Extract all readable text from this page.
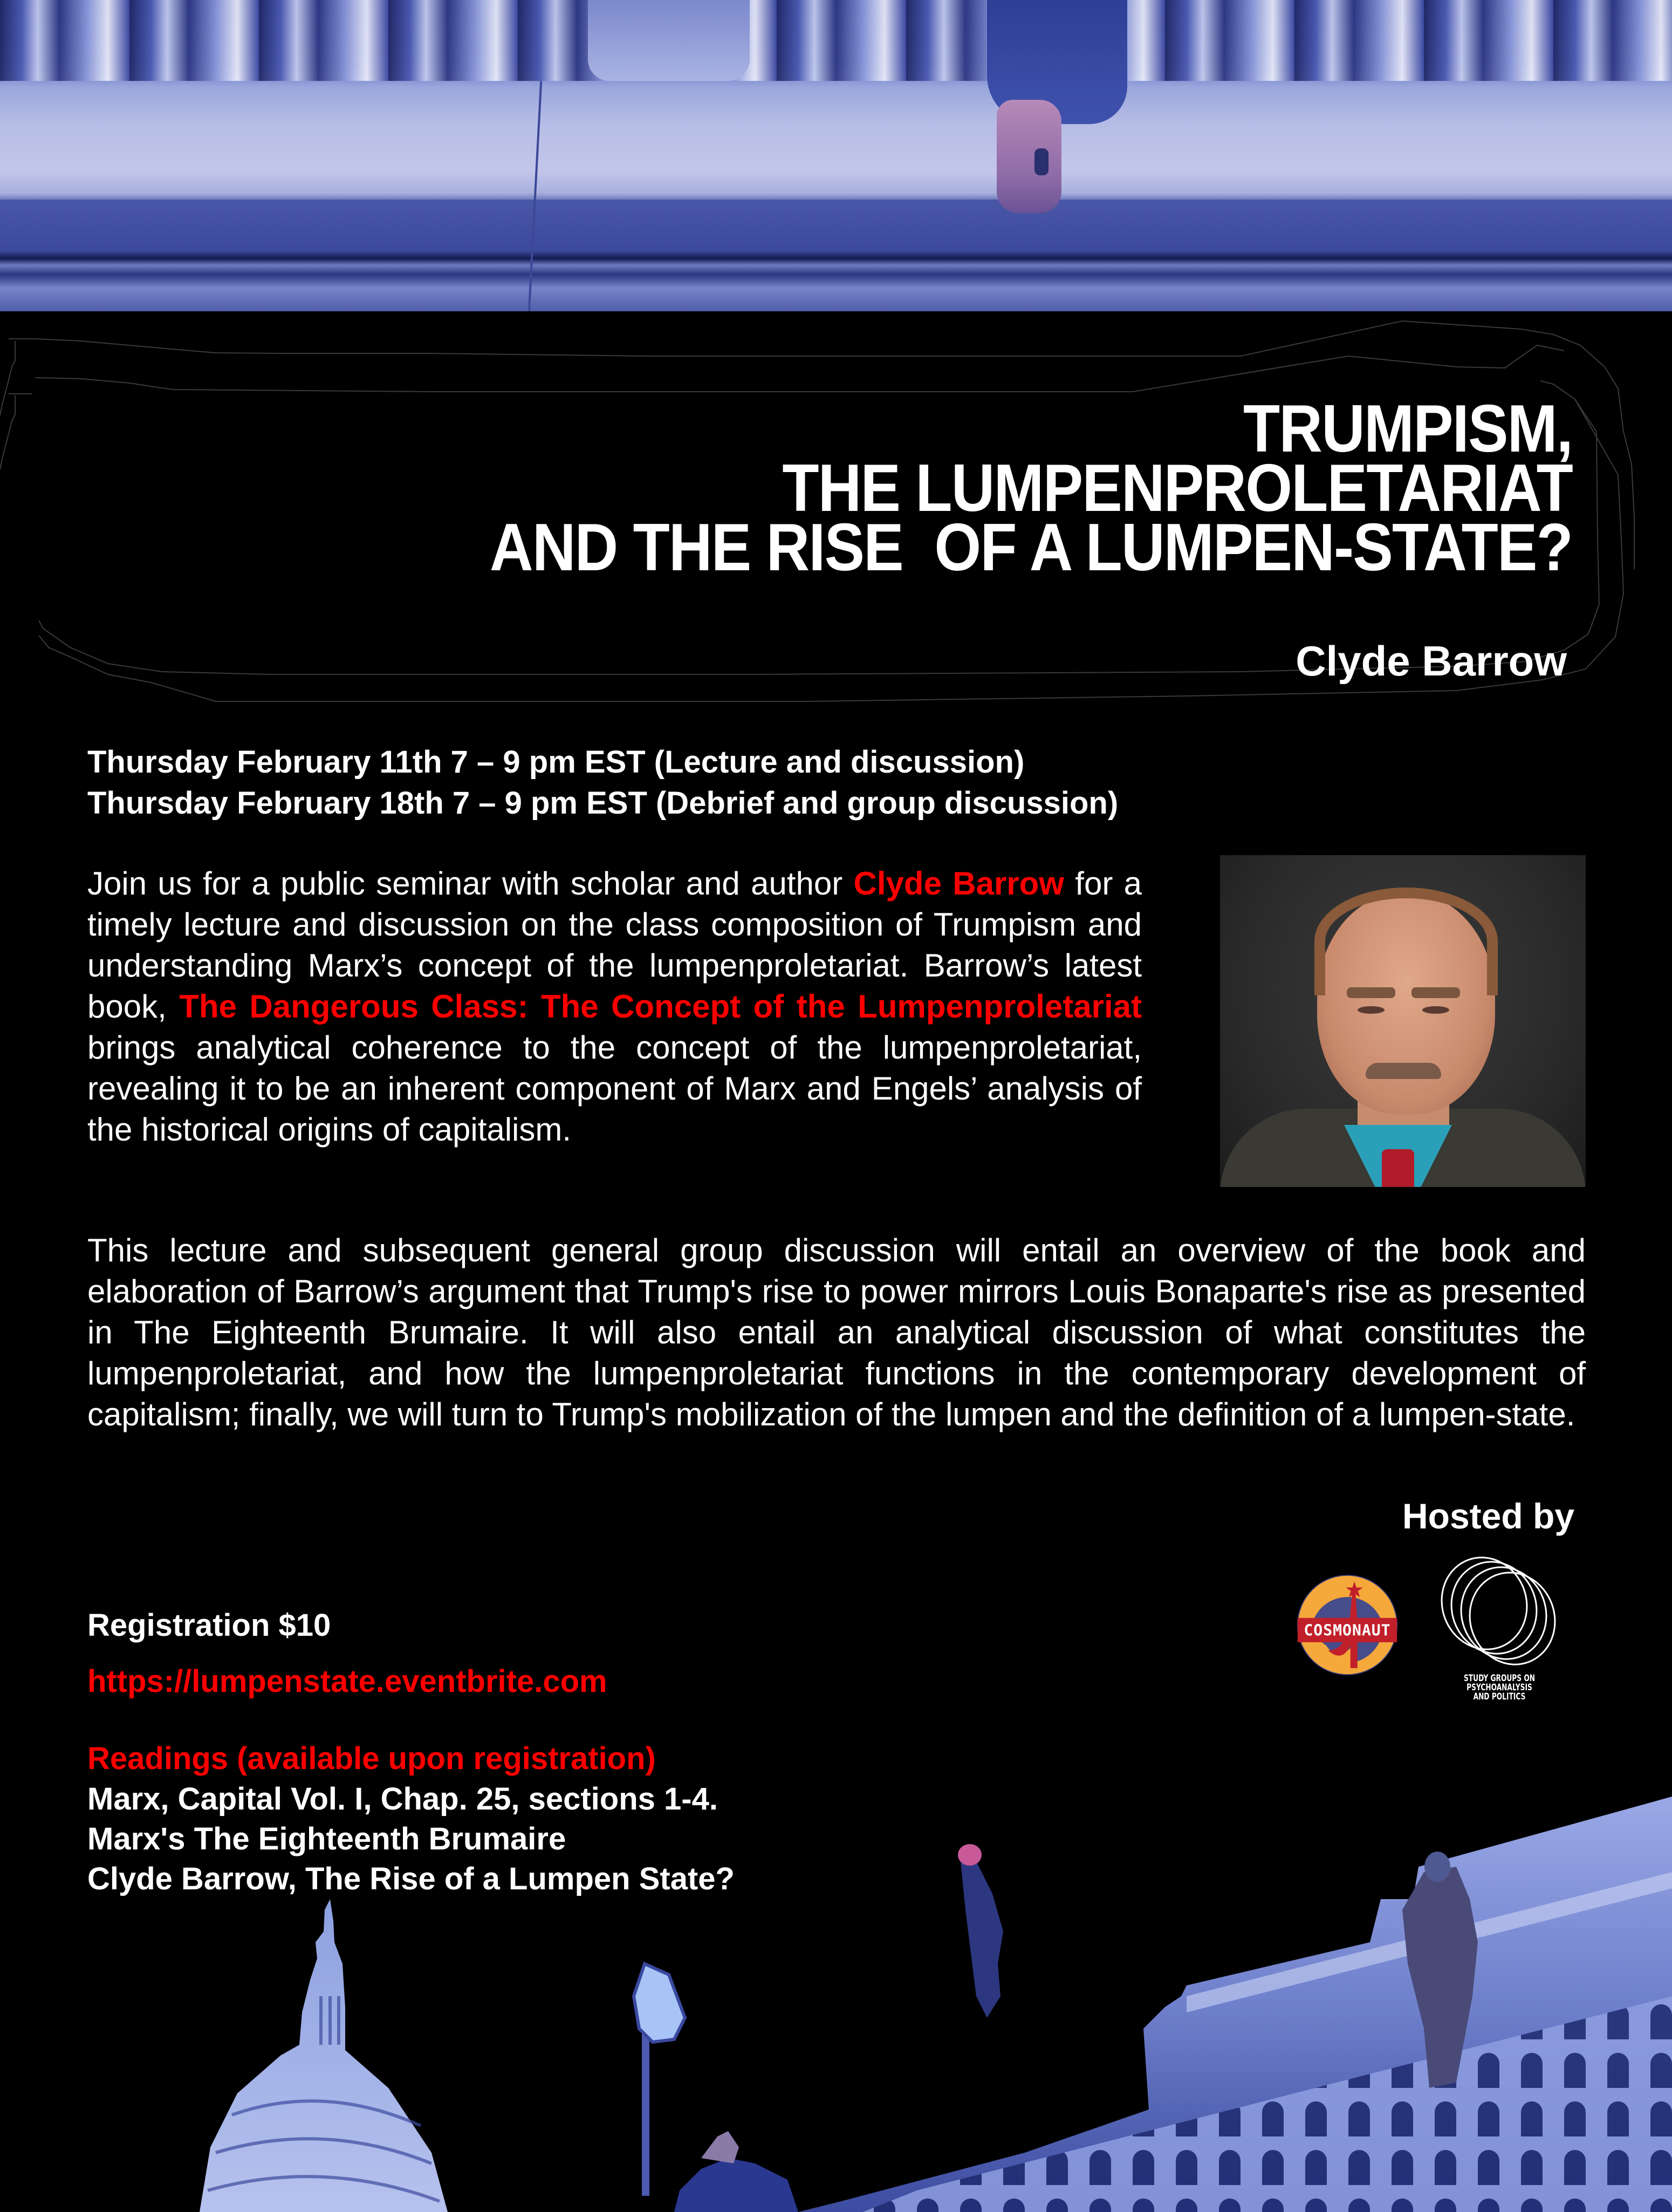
TRUMPISM,
THE LUMPENPROLETARIAT
AND THE RISE  OF A LUMPEN-STATE?
Clyde Barrow
Thursday February 11th 7 – 9 pm EST (Lecture and discussion)
Thursday February 18th 7 – 9 pm EST (Debrief and group discussion)

Join us for a public seminar with scholar and author Clyde Barrow for a timely lecture and discussion on the class composition of Trumpism and understanding Marx’s concept of the lumpenproletariat. Barrow’s latest book, The Dangerous Class: The Concept of the Lumpenproletariat brings analytical coherence to the concept of the lumpenproletariat, revealing it to be an inherent component of Marx and Engels’ analysis of the historical origins of capitalism.

This lecture and subsequent general group discussion will entail an overview of the book and elaboration of Barrow’s argument that Trump's rise to power mirrors Louis Bonaparte's rise as presented in The Eighteenth Brumaire. It will also entail an analytical discussion of what constitutes the lumpenproletariat, and how the lumpenproletariat functions in the contemporary development of capitalism; finally, we will turn to Trump's mobilization of the lumpen and the definition of a lumpen-state.

Hosted by
COSMONAUT
STUDY GROUPS ON
PSYCHOANALYSIS
AND POLITICS
Registration $10
https://lumpenstate.eventbrite.com
Readings (available upon registration)
Marx, Capital Vol. I, Chap. 25, sections 1-4.
Marx's The Eighteenth Brumaire
Clyde Barrow, The Rise of a Lumpen State?
